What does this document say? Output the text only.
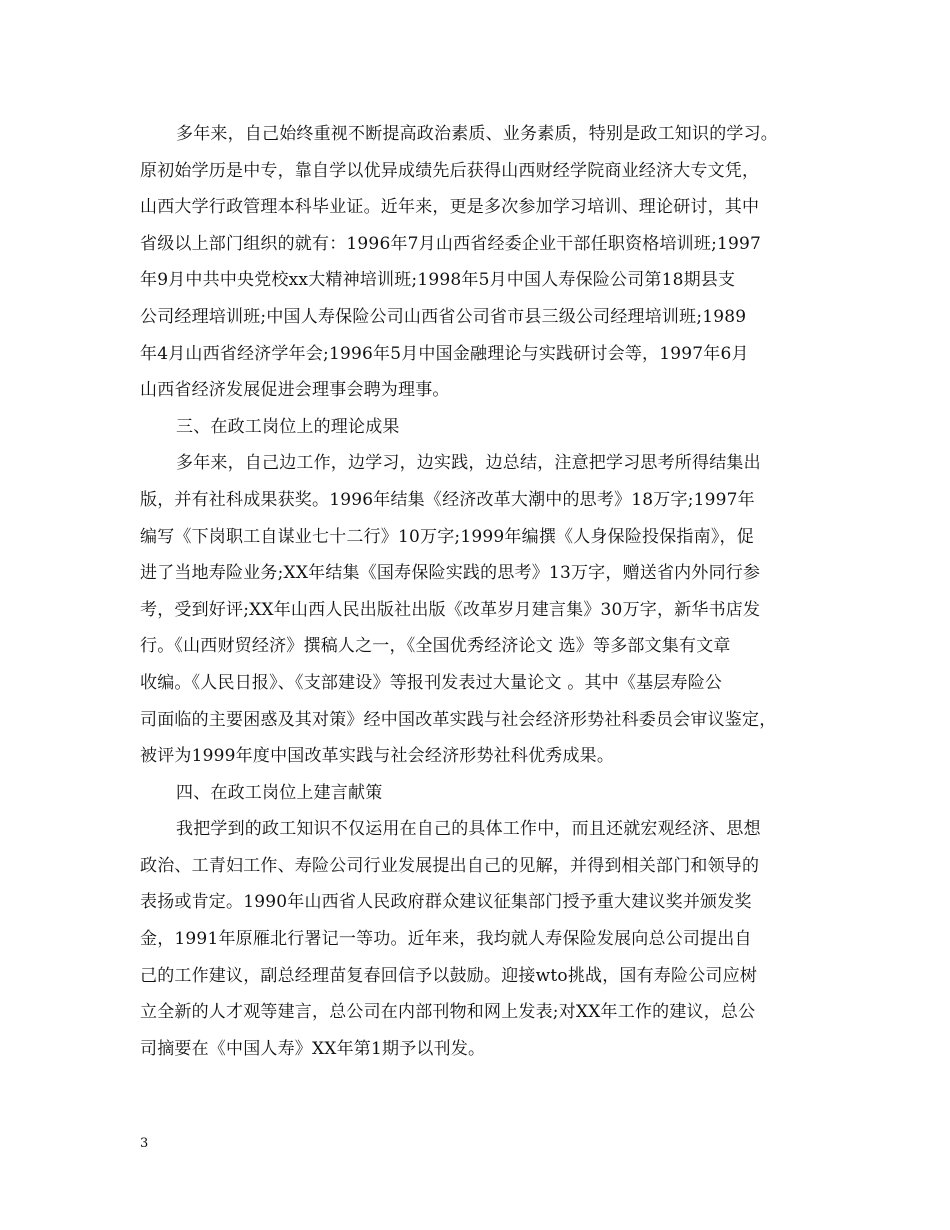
多年来，自己始终重视不断提高政治素质、业务素质，特别是政工知识的学习。
原初始学历是中专，靠自学以优异成绩先后获得山西财经学院商业经济大专文凭，
山西大学行政管理本科毕业证。近年来，更是多次参加学习培训、理论研讨，其中
省级以上部门组织的就有：1996年7月山西省经委企业干部任职资格培训班;1997
年9月中共中央党校xx大精神培训班;1998年5月中国人寿保险公司第18期县支
公司经理培训班;中国人寿保险公司山西省公司省市县三级公司经理培训班;1989
年4月山西省经济学年会;1996年5月中国金融理论与实践研讨会等，1997年6月
山西省经济发展促进会理事会聘为理事。
三、在政工岗位上的理论成果
多年来，自己边工作，边学习，边实践，边总结，注意把学习思考所得结集出
版，并有社科成果获奖。1996年结集《经济改革大潮中的思考》18万字;1997年
编写《下岗职工自谋业七十二行》10万字;1999年编撰《人身保险投保指南》，促
进了当地寿险业务;XX年结集《国寿保险实践的思考》13万字，赠送省内外同行参
考，受到好评;XX年山西人民出版社出版《改革岁月建言集》30万字，新华书店发
行。《山西财贸经济》撰稿人之一，《全国优秀经济论文 选》等多部文集有文章
收编。《人民日报》、《支部建设》等报刊发表过大量论文 。其中《基层寿险公
司面临的主要困惑及其对策》经中国改革实践与社会经济形势社科委员会审议鉴定，
被评为1999年度中国改革实践与社会经济形势社科优秀成果。
四、在政工岗位上建言献策
我把学到的政工知识不仅运用在自己的具体工作中，而且还就宏观经济、思想
政治、工青妇工作、寿险公司行业发展提出自己的见解，并得到相关部门和领导的
表扬或肯定。1990年山西省人民政府群众建议征集部门授予重大建议奖并颁发奖
金，1991年原雁北行署记一等功。近年来，我均就人寿保险发展向总公司提出自
己的工作建议，副总经理苗复春回信予以鼓励。迎接wto挑战，国有寿险公司应树
立全新的人才观等建言，总公司在内部刊物和网上发表;对XX年工作的建议，总公
司摘要在《中国人寿》XX年第1期予以刊发。
3
